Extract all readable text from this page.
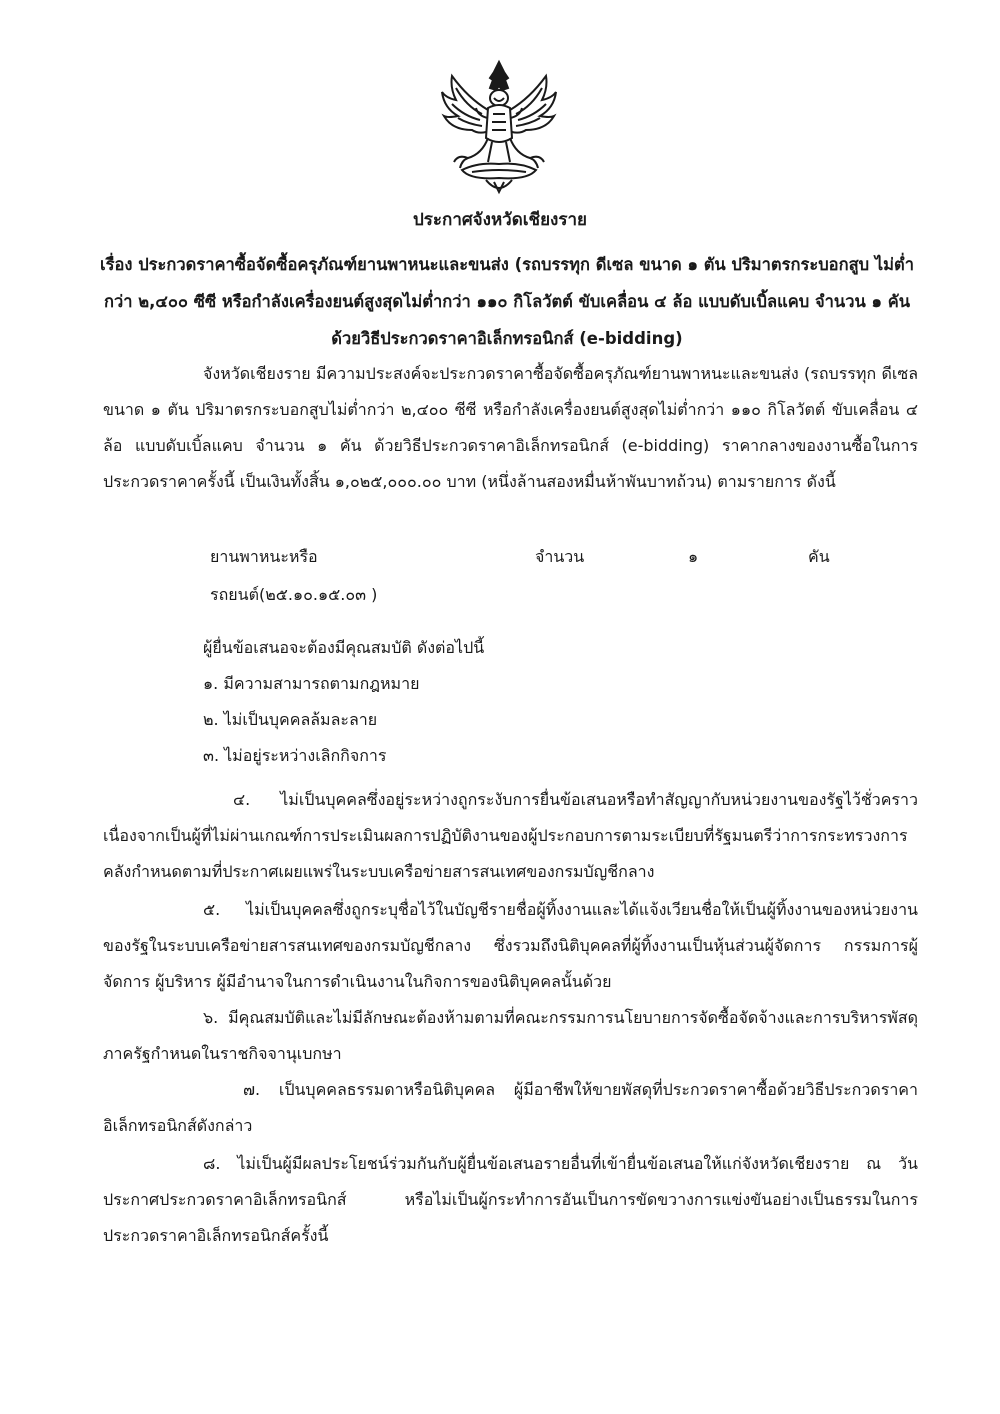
ประกาศจังหวัดเชียงราย
เรื่อง ประกวดราคาซื้อจัดซื้อครุภัณฑ์ยานพาหนะและขนส่ง (รถบรรทุก ดีเซล ขนาด ๑ ตัน ปริมาตรกระบอกสูบ ไม่ต่ำกว่า ๒,๔๐๐ ซีซี หรือกำลังเครื่องยนต์สูงสุดไม่ต่ำกว่า ๑๑๐ กิโลวัตต์ ขับเคลื่อน ๔ ล้อ แบบดับเบิ้ลแคบ จำนวน ๑ คัน ด้วยวิธีประกวดราคาอิเล็กทรอนิกส์ (e-bidding)
จังหวัดเชียงราย มีความประสงค์จะประกวดราคาซื้อจัดซื้อครุภัณฑ์ยานพาหนะและขนส่ง (รถบรรทุก ดีเซล ขนาด ๑ ตัน ปริมาตรกระบอกสูบไม่ต่ำกว่า ๒,๔๐๐ ซีซี หรือกำลังเครื่องยนต์สูงสุดไม่ต่ำกว่า ๑๑๐ กิโลวัตต์ ขับเคลื่อน ๔ ล้อ แบบดับเบิ้ลแคบ จำนวน ๑ คัน ด้วยวิธีประกวดราคาอิเล็กทรอนิกส์ (e-bidding) ราคากลางของงานซื้อในการประกวดราคาครั้งนี้ เป็นเงินทั้งสิ้น ๑,๐๒๕,๐๐๐.๐๐ บาท (หนึ่งล้านสองหมื่นห้าพันบาทถ้วน) ตามรายการ ดังนี้
ยานพาหนะหรือ
รถยนต์(๒๕.๑๐.๑๕.๐๓ )
จำนวน	๑	คัน
ผู้ยื่นข้อเสนอจะต้องมีคุณสมบัติ ดังต่อไปนี้
๑. มีความสามารถตามกฎหมาย
๒. ไม่เป็นบุคคลล้มละลาย
๓. ไม่อยู่ระหว่างเลิกกิจการ
๔. ไม่เป็นบุคคลซึ่งอยู่ระหว่างถูกระงับการยื่นข้อเสนอหรือทำสัญญากับหน่วยงานของรัฐไว้ชั่วคราว เนื่องจากเป็นผู้ที่ไม่ผ่านเกณฑ์การประเมินผลการปฏิบัติงานของผู้ประกอบการตามระเบียบที่รัฐมนตรีว่าการกระทรวงการคลังกำหนดตามที่ประกาศเผยแพร่ในระบบเครือข่ายสารสนเทศของกรมบัญชีกลาง
๕. ไม่เป็นบุคคลซึ่งถูกระบุชื่อไว้ในบัญชีรายชื่อผู้ทิ้งงานและได้แจ้งเวียนชื่อให้เป็นผู้ทิ้งงานของหน่วยงานของรัฐในระบบเครือข่ายสารสนเทศของกรมบัญชีกลาง ซึ่งรวมถึงนิติบุคคลที่ผู้ทิ้งงานเป็นหุ้นส่วนผู้จัดการ กรรมการผู้จัดการ ผู้บริหาร ผู้มีอำนาจในการดำเนินงานในกิจการของนิติบุคคลนั้นด้วย
๖. มีคุณสมบัติและไม่มีลักษณะต้องห้ามตามที่คณะกรรมการนโยบายการจัดซื้อจัดจ้างและการบริหารพัสดุภาครัฐกำหนดในราชกิจจานุเบกษา
๗. เป็นบุคคลธรรมดาหรือนิติบุคคล ผู้มีอาชีพให้ขายพัสดุที่ประกวดราคาซื้อด้วยวิธีประกวดราคาอิเล็กทรอนิกส์ดังกล่าว
๘. ไม่เป็นผู้มีผลประโยชน์ร่วมกันกับผู้ยื่นข้อเสนอรายอื่นที่เข้ายื่นข้อเสนอให้แก่จังหวัดเชียงราย ณ วันประกาศประกวดราคาอิเล็กทรอนิกส์ หรือไม่เป็นผู้กระทำการอันเป็นการขัดขวางการแข่งขันอย่างเป็นธรรมในการประกวดราคาอิเล็กทรอนิกส์ครั้งนี้
